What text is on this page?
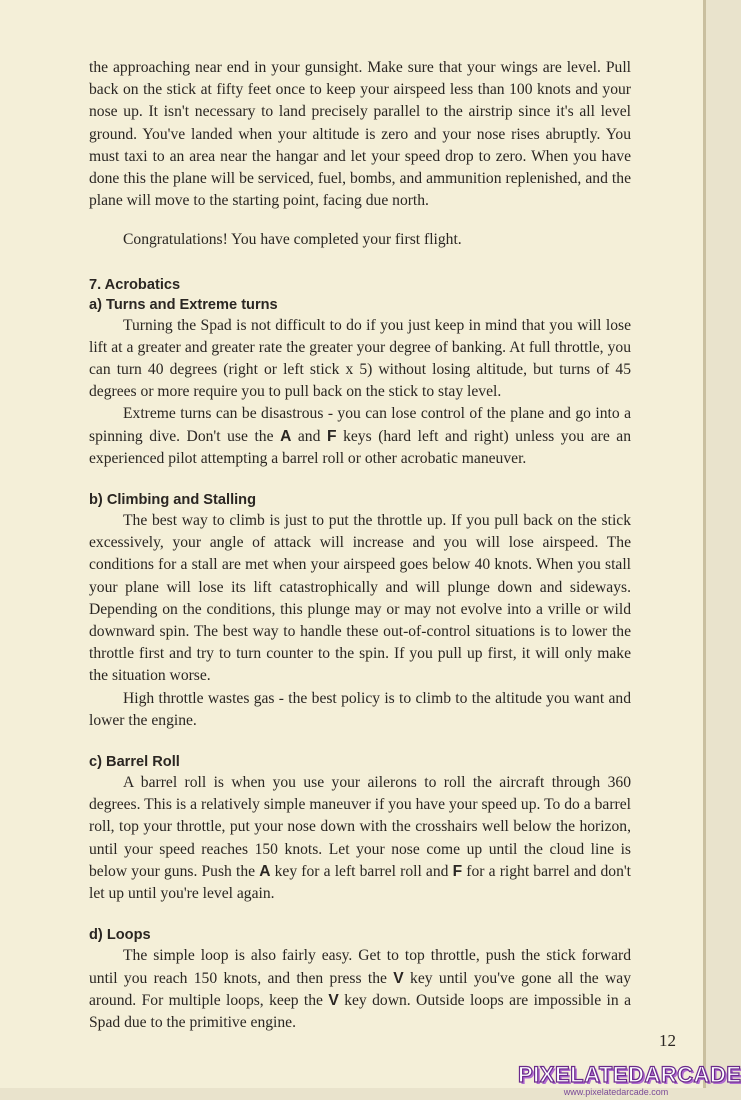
the approaching near end in your gunsight. Make sure that your wings are level. Pull back on the stick at fifty feet once to keep your airspeed less than 100 knots and your nose up. It isn't necessary to land precisely parallel to the airstrip since it's all level ground. You've landed when your altitude is zero and your nose rises abruptly. You must taxi to an area near the hangar and let your speed drop to zero. When you have done this the plane will be serviced, fuel, bombs, and ammunition replenished, and the plane will move to the starting point, facing due north.

Congratulations! You have completed your first flight.

7. Acrobatics

a) Turns and Extreme turns

Turning the Spad is not difficult to do if you just keep in mind that you will lose lift at a greater and greater rate the greater your degree of banking. At full throttle, you can turn 40 degrees (right or left stick x 5) without losing altitude, but turns of 45 degrees or more require you to pull back on the stick to stay level.

Extreme turns can be disastrous - you can lose control of the plane and go into a spinning dive. Don't use the A and F keys (hard left and right) unless you are an experienced pilot attempting a barrel roll or other acrobatic maneuver.

b) Climbing and Stalling

The best way to climb is just to put the throttle up. If you pull back on the stick excessively, your angle of attack will increase and you will lose airspeed. The conditions for a stall are met when your airspeed goes below 40 knots. When you stall your plane will lose its lift catastrophically and will plunge down and sideways. Depending on the conditions, this plunge may or may not evolve into a vrille or wild downward spin. The best way to handle these out-of-control situations is to lower the throttle first and try to turn counter to the spin. If you pull up first, it will only make the situation worse.

High throttle wastes gas - the best policy is to climb to the altitude you want and lower the engine.

c) Barrel Roll

A barrel roll is when you use your ailerons to roll the aircraft through 360 degrees. This is a relatively simple maneuver if you have your speed up. To do a barrel roll, top your throttle, put your nose down with the crosshairs well below the horizon, until your speed reaches 150 knots. Let your nose come up until the cloud line is below your guns. Push the A key for a left barrel roll and F for a right barrel and don't let up until you're level again.

d) Loops

The simple loop is also fairly easy. Get to top throttle, push the stick forward until you reach 150 knots, and then press the V key until you've gone all the way around. For multiple loops, keep the V key down. Outside loops are impossible in a Spad due to the primitive engine.

12
PIXELATEDARCADE
www.pixelatedarcade.com
